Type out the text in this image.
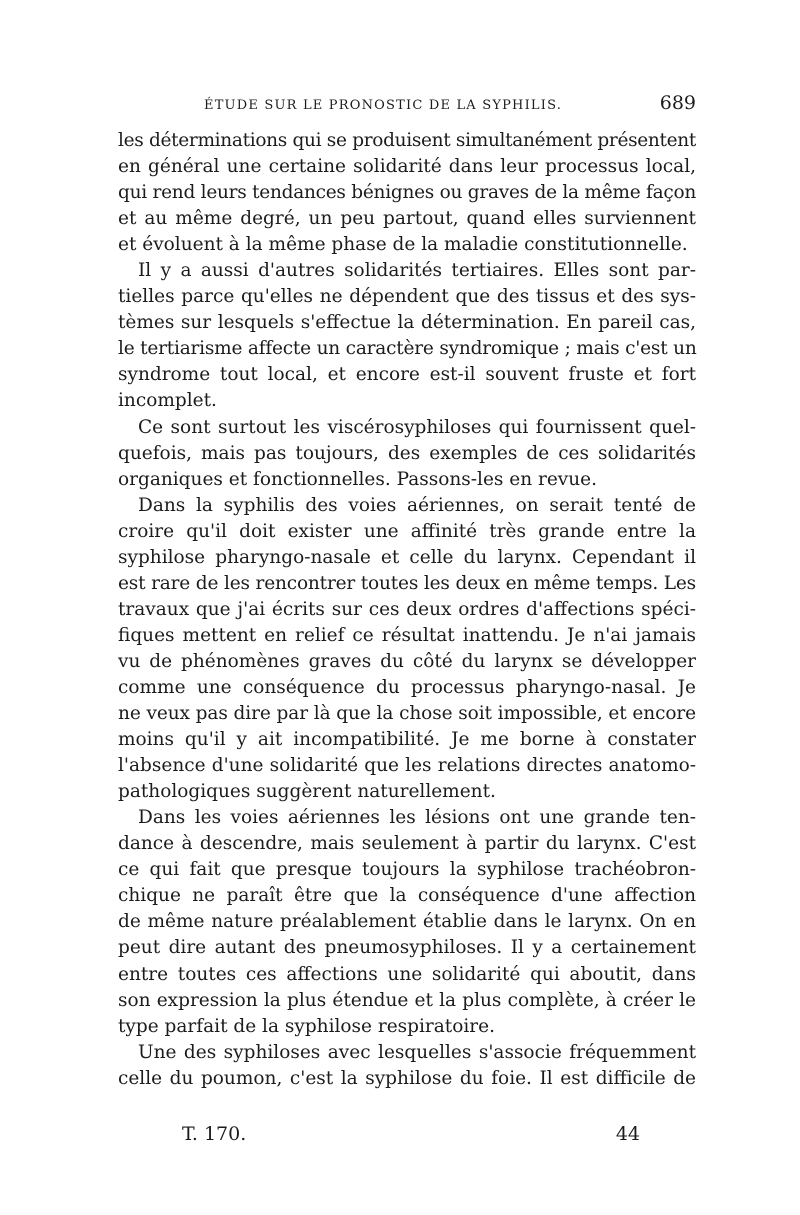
ÉTUDE SUR LE PRONOSTIC DE LA SYPHILIS.	689
les déterminations qui se produisent simultanément présentent
en général une certaine solidarité dans leur processus local,
qui rend leurs tendances bénignes ou graves de la même façon
et au même degré, un peu partout, quand elles surviennent
et évoluent à la même phase de la maladie constitutionnelle.
Il y a aussi d'autres solidarités tertiaires. Elles sont par-
tielles parce qu'elles ne dépendent que des tissus et des sys-
tèmes sur lesquels s'effectue la détermination. En pareil cas,
le tertiarisme affecte un caractère syndromique ; mais c'est un
syndrome tout local, et encore est-il souvent fruste et fort
incomplet.
Ce sont surtout les viscérosyphiloses qui fournissent quel-
quefois, mais pas toujours, des exemples de ces solidarités
organiques et fonctionnelles. Passons-les en revue.
Dans la syphilis des voies aériennes, on serait tenté de
croire qu'il doit exister une affinité très grande entre la
syphilose pharyngo-nasale et celle du larynx. Cependant il
est rare de les rencontrer toutes les deux en même temps. Les
travaux que j'ai écrits sur ces deux ordres d'affections spéci-
fiques mettent en relief ce résultat inattendu. Je n'ai jamais
vu de phénomènes graves du côté du larynx se développer
comme une conséquence du processus pharyngo-nasal. Je
ne veux pas dire par là que la chose soit impossible, et encore
moins qu'il y ait incompatibilité. Je me borne à constater
l'absence d'une solidarité que les relations directes anatomo-
pathologiques suggèrent naturellement.
Dans les voies aériennes les lésions ont une grande ten-
dance à descendre, mais seulement à partir du larynx. C'est
ce qui fait que presque toujours la syphilose trachéobron-
chique ne paraît être que la conséquence d'une affection
de même nature préalablement établie dans le larynx. On en
peut dire autant des pneumosyphiloses. Il y a certainement
entre toutes ces affections une solidarité qui aboutit, dans
son expression la plus étendue et la plus complète, à créer le
type parfait de la syphilose respiratoire.
Une des syphiloses avec lesquelles s'associe fréquemment
celle du poumon, c'est la syphilose du foie. Il est difficile de
T. 170.	44
